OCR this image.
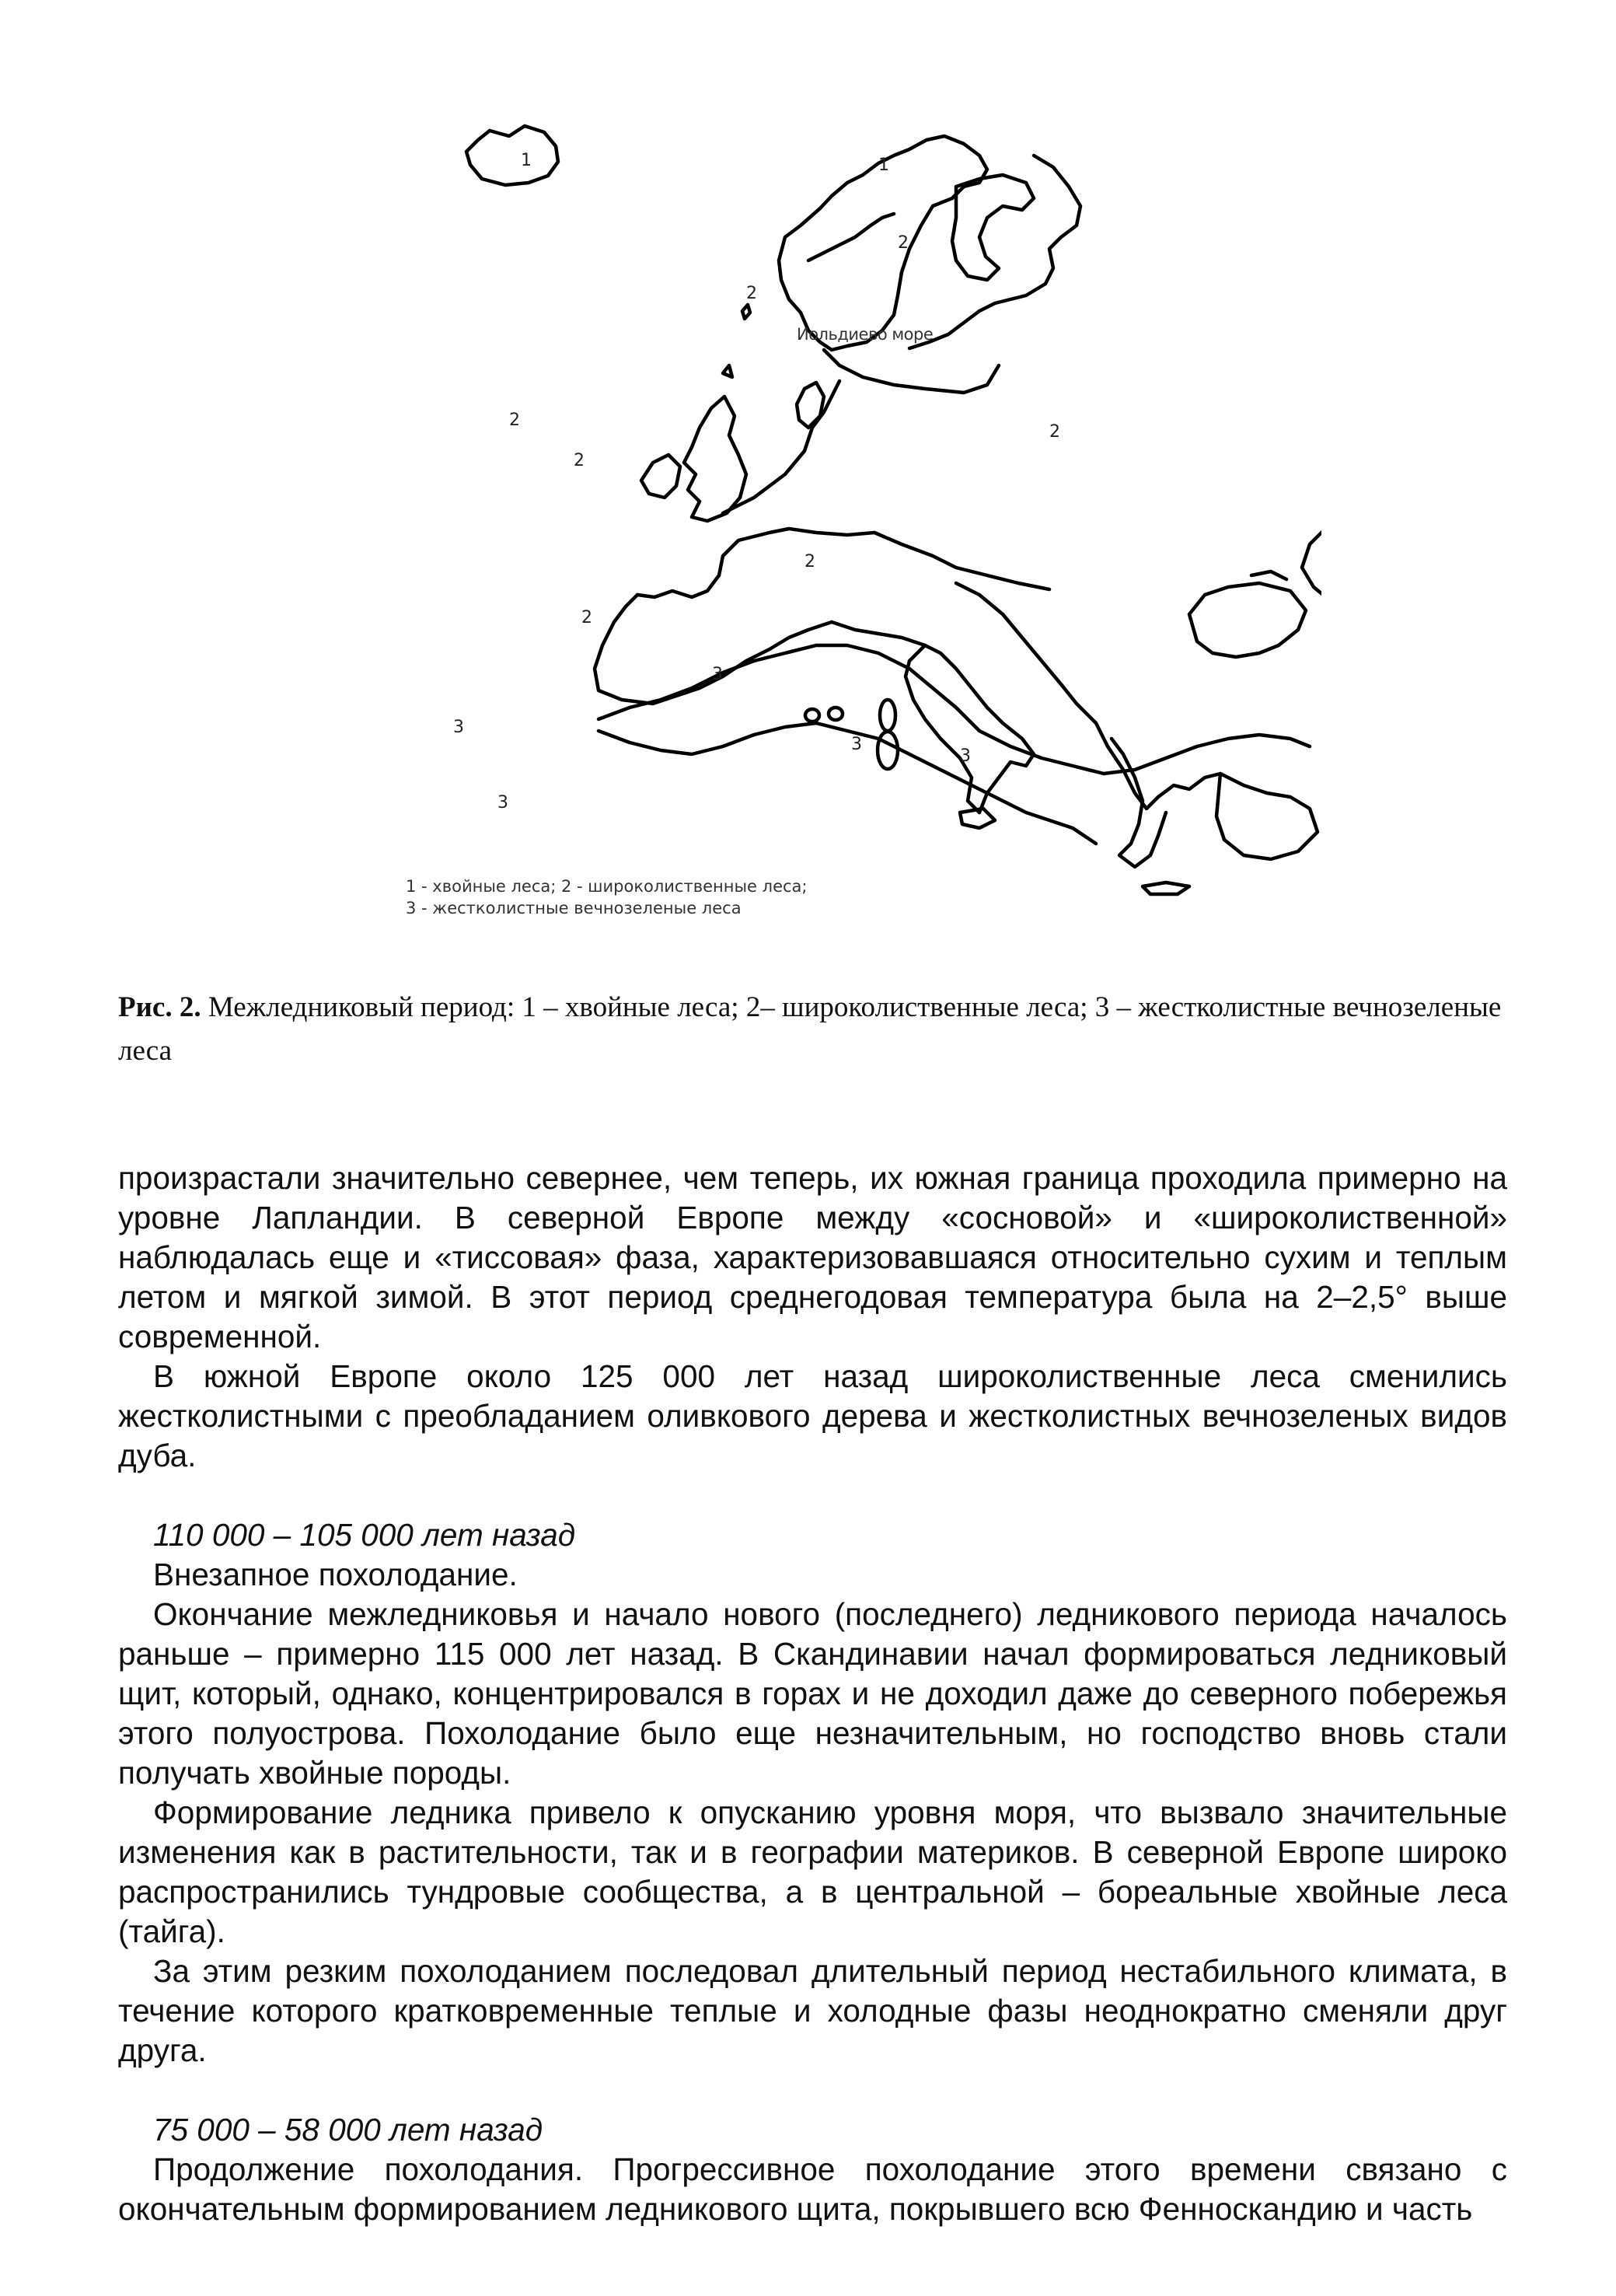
1	1
2
2
2
2
2
2
2
3
3
3
3
3
Иольдиево море
1 - хвойные леса; 2 - широколиственные леса;
3 - жестколистные вечнозеленые леса
Рис. 2. Межледниковый период: 1 – хвойные леса; 2– широколиственные леса; 3 – жестколистные вечнозеленые леса

произрастали значительно севернее, чем теперь, их южная граница проходила примерно на уровне Лапландии. В северной Европе между «сосновой» и «широколиственной» наблюдалась еще и «тиссовая» фаза, характеризовавшаяся относительно сухим и теплым летом и мягкой зимой. В этот период среднегодовая температура была на 2–2,5° выше современной.

В южной Европе около 125 000 лет назад широколиственные леса сменились жестколистными с преобладанием оливкового дерева и жестколистных вечнозеленых видов дуба.

110 000 – 105 000 лет назад

Внезапное похолодание.

Окончание межледниковья и начало нового (последнего) ледникового периода началось раньше – примерно 115 000 лет назад. В Скандинавии начал формироваться ледниковый щит, который, однако, концентрировался в горах и не доходил даже до северного побережья этого полуострова. Похолодание было еще незначительным, но господство вновь стали получать хвойные породы.

Формирование ледника привело к опусканию уровня моря, что вызвало значительные изменения как в растительности, так и в географии материков. В северной Европе широко распространились тундровые сообщества, а в центральной – бореальные хвойные леса (тайга).

За этим резким похолоданием последовал длительный период нестабильного климата, в течение которого кратковременные теплые и холодные фазы неоднократно сменяли друг друга.

75 000 – 58 000 лет назад

Продолжение похолодания. Прогрессивное похолодание этого времени связано с окончательным формированием ледникового щита, покрывшего всю Фенноскандию и часть
